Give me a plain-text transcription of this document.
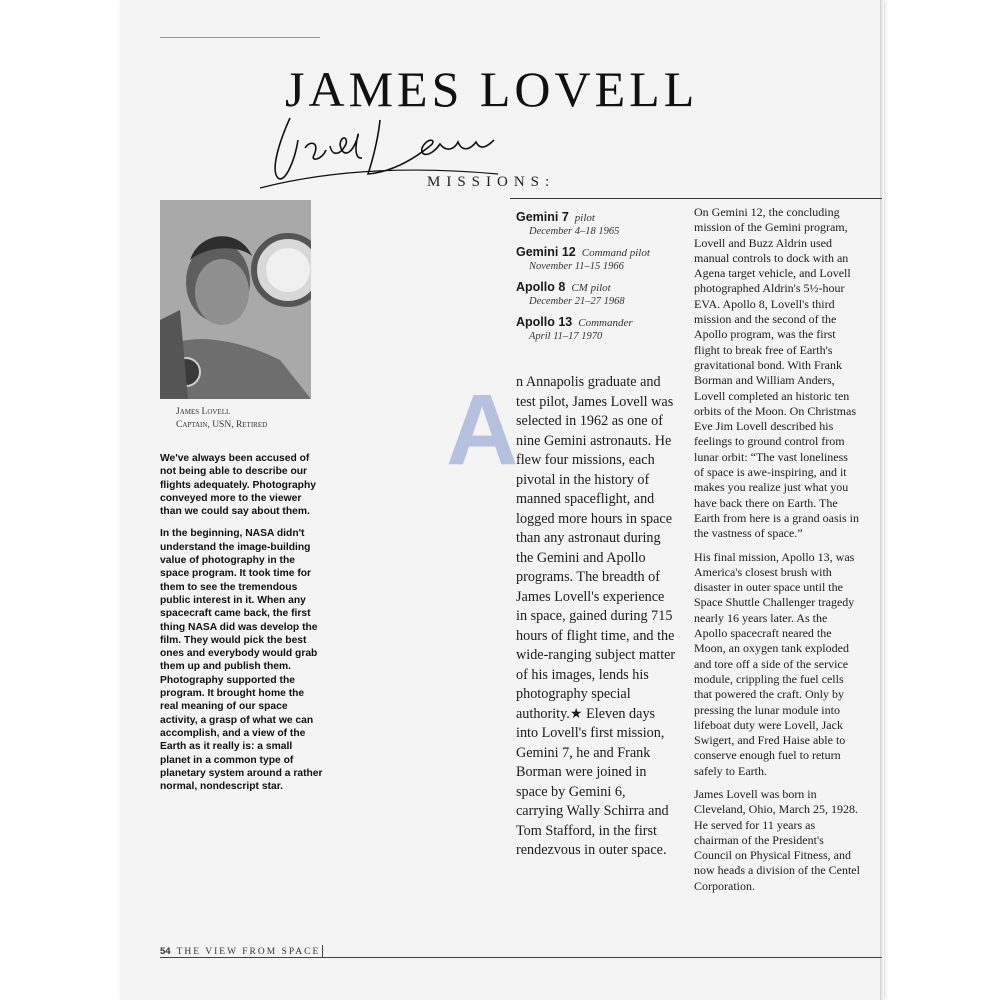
JAMES LOVELL
MISSIONS:
James Lovell
Captain, USN, Retired

We've always been accused of not being able to describe our flights adequately. Photography conveyed more to the viewer than we could say about them.

In the beginning, NASA didn't understand the image-building value of photography in the space program. It took time for them to see the tremendous public interest in it. When any spacecraft came back, the first thing NASA did was develop the film. They would pick the best ones and everybody would grab them up and publish them. Photography supported the program. It brought home the real meaning of our space activity, a grasp of what we can accomplish, and a view of the Earth as it really is: a small planet in a common type of planetary system around a rather normal, nondescript star.

Gemini 7 pilot
December 4–18 1965
Gemini 12 Command pilot
November 11–15 1966
Apollo 8 CM pilot
December 21–27 1968
Apollo 13 Commander
April 11–17 1970
A
n Annapolis graduate and test pilot, James Lovell was selected in 1962 as one of nine Gemini astronauts. He flew four missions, each pivotal in the history of manned spaceflight, and logged more hours in space than any astronaut during the Gemini and Apollo programs. The breadth of James Lovell's experience in space, gained during 715 hours of flight time, and the wide-ranging subject matter of his images, lends his photography special authority.★ Eleven days into Lovell's first mission, Gemini 7, he and Frank Borman were joined in space by Gemini 6, carrying Wally Schirra and Tom Stafford, in the first rendezvous in outer space.

On Gemini 12, the concluding mission of the Gemini program, Lovell and Buzz Aldrin used manual controls to dock with an Agena target vehicle, and Lovell photographed Aldrin's 5½-hour EVA. Apollo 8, Lovell's third mission and the second of the Apollo program, was the first flight to break free of Earth's gravitational bond. With Frank Borman and William Anders, Lovell completed an historic ten orbits of the Moon. On Christmas Eve Jim Lovell described his feelings to ground control from lunar orbit: “The vast loneliness of space is awe-inspiring, and it makes you realize just what you have back there on Earth. The Earth from here is a grand oasis in the vastness of space.”

His final mission, Apollo 13, was America's closest brush with disaster in outer space until the Space Shuttle Challenger tragedy nearly 16 years later. As the Apollo spacecraft neared the Moon, an oxygen tank exploded and tore off a side of the service module, crippling the fuel cells that powered the craft. Only by pressing the lunar module into lifeboat duty were Lovell, Jack Swigert, and Fred Haise able to conserve enough fuel to return safely to Earth.

James Lovell was born in Cleveland, Ohio, March 25, 1928. He served for 11 years as chairman of the President's Council on Physical Fitness, and now heads a division of the Centel Corporation.

54 THE VIEW FROM SPACE
